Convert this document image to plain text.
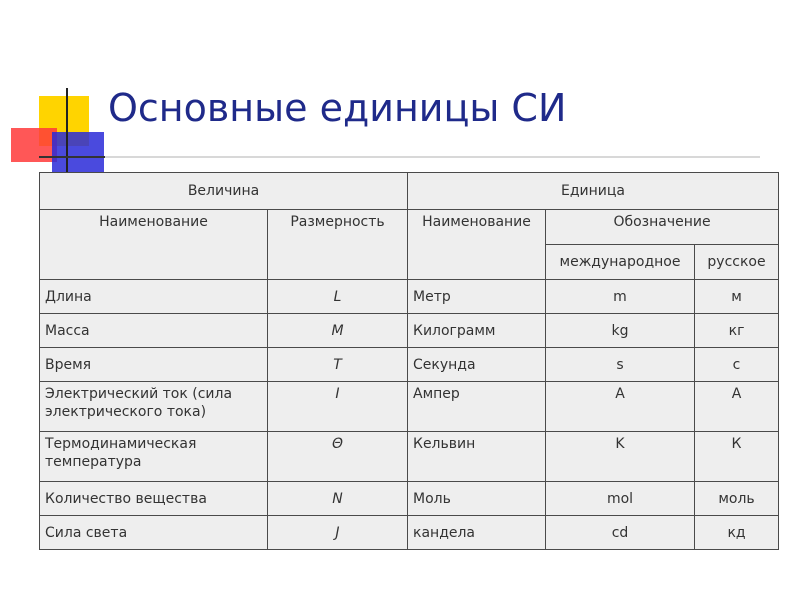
Основные единицы СИ
Величина		Единица		
Наименование	Размерность	Наименование	Обозначение	
			международное	русское
Длина	L	Метр	m	м
Масса	M	Килограмм	kg	кг
Время	T	Секунда	s	с
Электрический ток (сила электрического тока)	I	Ампер	A	А
Термодинамическая температура	Θ	Кельвин	K	К
Количество вещества	N	Моль	mol	моль
Сила света	J	кандела	cd	кд
